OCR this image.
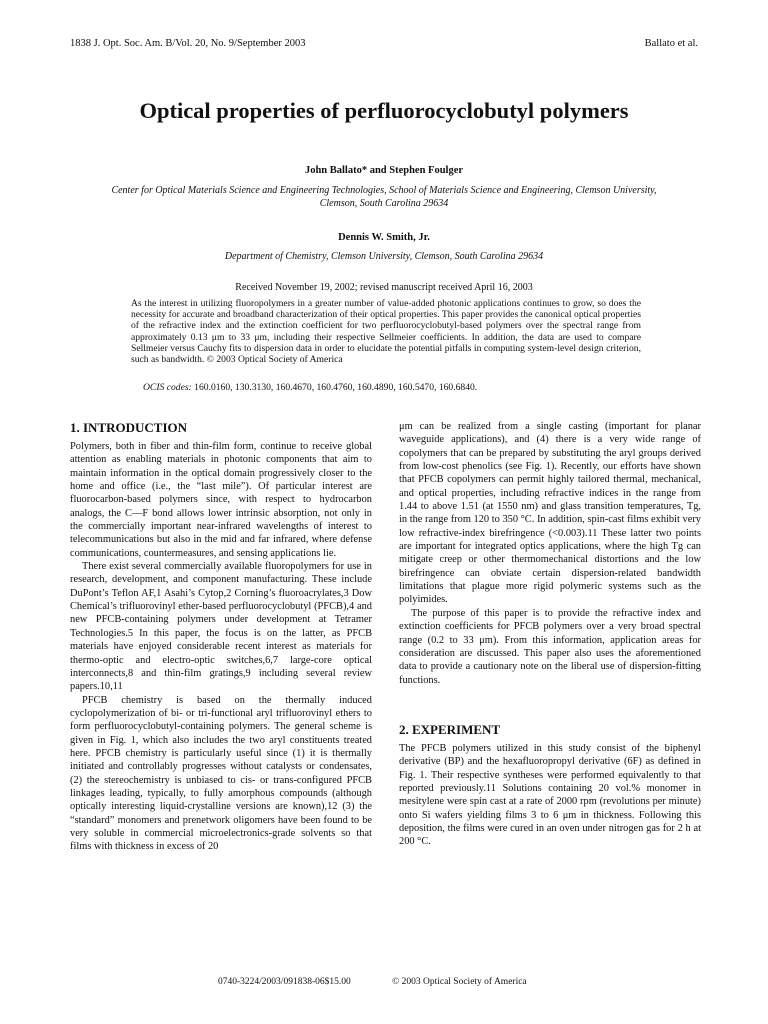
1838 J. Opt. Soc. Am. B/Vol. 20, No. 9/September 2003	Ballato et al.
Optical properties of perfluorocyclobutyl polymers
John Ballato* and Stephen Foulger
Center for Optical Materials Science and Engineering Technologies, School of Materials Science and Engineering, Clemson University, Clemson, South Carolina 29634
Dennis W. Smith, Jr.
Department of Chemistry, Clemson University, Clemson, South Carolina 29634
Received November 19, 2002; revised manuscript received April 16, 2003
As the interest in utilizing fluoropolymers in a greater number of value-added photonic applications continues to grow, so does the necessity for accurate and broadband characterization of their optical properties. This paper provides the canonical optical properties of the refractive index and the extinction coefficient for two perfluorocyclobutyl-based polymers over the spectral range from approximately 0.13 μm to 33 μm, including their respective Sellmeier coefficients. In addition, the data are used to compare Sellmeier versus Cauchy fits to dispersion data in order to elucidate the potential pitfalls in computing system-level design criterion, such as bandwidth. © 2003 Optical Society of America
OCIS codes: 160.0160, 130.3130, 160.4670, 160.4760, 160.4890, 160.5470, 160.6840.
1. INTRODUCTION

Polymers, both in fiber and thin-film form, continue to receive global attention as enabling materials in photonic components that aim to maintain information in the optical domain progressively closer to the home and office (i.e., the “last mile”). Of particular interest are fluorocarbon-based polymers since, with respect to hydrocarbon analogs, the C—F bond allows lower intrinsic absorption, not only in the commercially important near-infrared wavelengths of interest to telecommunications but also in the mid and far infrared, where defense communications, countermeasures, and sensing applications lie.

There exist several commercially available fluoropolymers for use in research, development, and component manufacturing. These include DuPont’s Teflon AF,1 Asahi’s Cytop,2 Corning’s fluoroacrylates,3 Dow Chemical’s trifluorovinyl ether-based perfluorocyclobutyl (PFCB),4 and new PFCB-containing polymers under development at Tetramer Technologies.5 In this paper, the focus is on the latter, as PFCB materials have enjoyed considerable recent interest as materials for thermo-optic and electro-optic switches,6,7 large-core optical interconnects,8 and thin-film gratings,9 including several review papers.10,11

PFCB chemistry is based on the thermally induced cyclopolymerization of bi- or tri-functional aryl trifluorovinyl ethers to form perfluorocyclobutyl-containing polymers. The general scheme is given in Fig. 1, which also includes the two aryl constituents treated here. PFCB chemistry is particularly useful since (1) it is thermally initiated and controllably progresses without catalysts or condensates, (2) the stereochemistry is unbiased to cis- or trans-configured PFCB linkages leading, typically, to fully amorphous compounds (although optically interesting liquid-crystalline versions are known),12 (3) the “standard” monomers and prenetwork oligomers have been found to be very soluble in commercial microelectronics-grade solvents so that films with thickness in excess of 20

μm can be realized from a single casting (important for planar waveguide applications), and (4) there is a very wide range of copolymers that can be prepared by substituting the aryl groups derived from low-cost phenolics (see Fig. 1). Recently, our efforts have shown that PFCB copolymers can permit highly tailored thermal, mechanical, and optical properties, including refractive indices in the range from 1.44 to above 1.51 (at 1550 nm) and glass transition temperatures, Tg, in the range from 120 to 350 °C. In addition, spin-cast films exhibit very low refractive-index birefringence (<0.003).11 These latter two points are important for integrated optics applications, where the high Tg can mitigate creep or other thermomechanical distortions and the low birefringence can obviate certain dispersion-related bandwidth limitations that plague more rigid polymeric systems such as the polyimides.

The purpose of this paper is to provide the refractive index and extinction coefficients for PFCB polymers over a very broad spectral range (0.2 to 33 μm). From this information, application areas for consideration are discussed. This paper also uses the aforementioned data to provide a cautionary note on the liberal use of dispersion-fitting functions.

2. EXPERIMENT

The PFCB polymers utilized in this study consist of the biphenyl derivative (BP) and the hexafluoropropyl derivative (6F) as defined in Fig. 1. Their respective syntheses were performed equivalently to that reported previously.11 Solutions containing 20 vol.% monomer in mesitylene were spin cast at a rate of 2000 rpm (revolutions per minute) onto Si wafers yielding films 3 to 6 μm in thickness. Following this deposition, the films were cured in an oven under nitrogen gas for 2 h at 200 °C.

0740-3224/2003/091838-06$15.00	© 2003 Optical Society of America
